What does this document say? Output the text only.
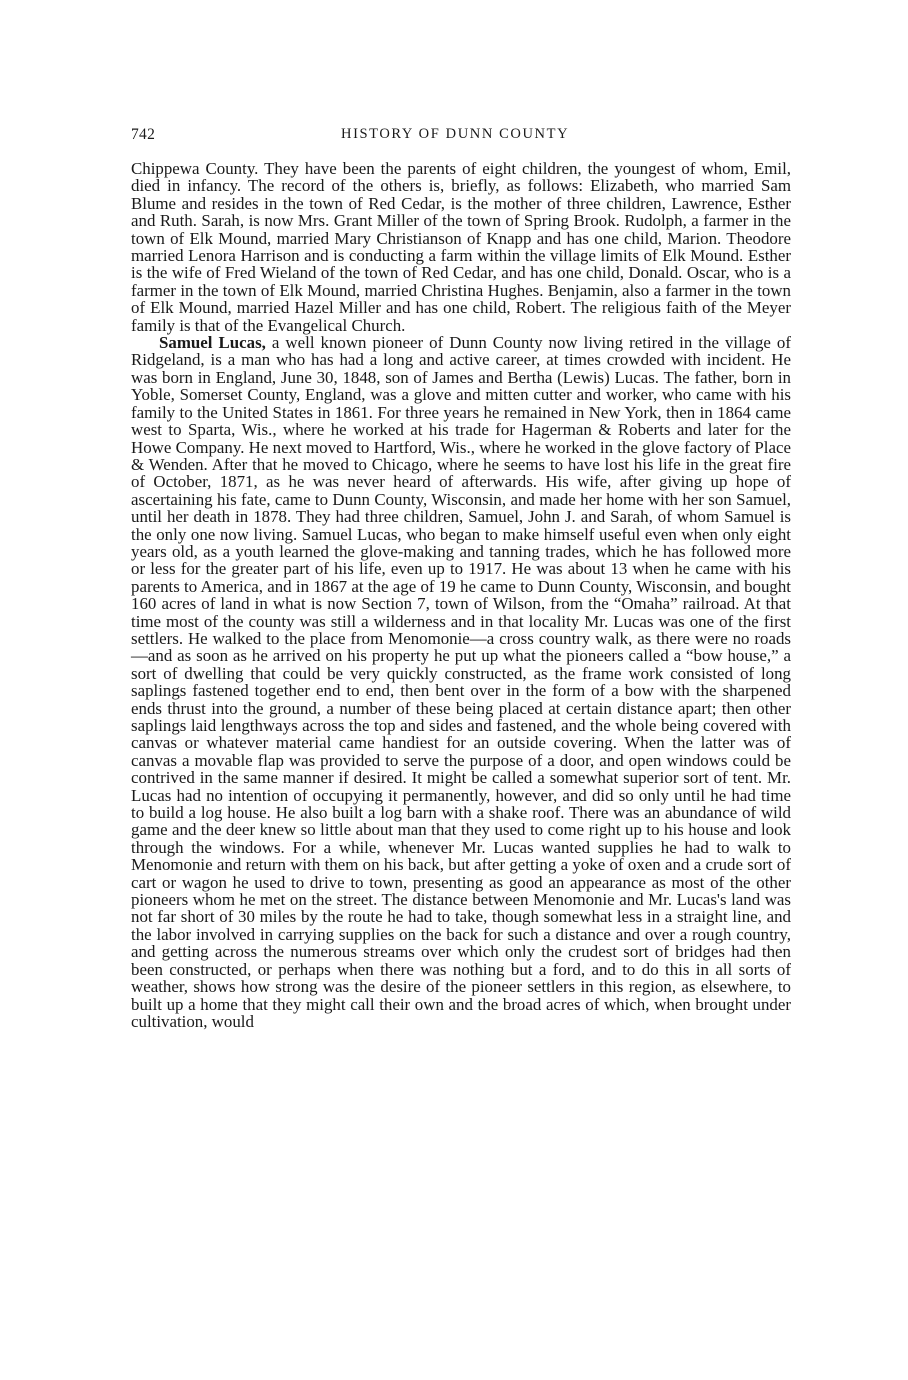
742	HISTORY OF DUNN COUNTY

Chippewa County. They have been the parents of eight children, the youngest of whom, Emil, died in infancy. The record of the others is, briefly, as follows: Elizabeth, who married Sam Blume and resides in the town of Red Cedar, is the mother of three children, Lawrence, Esther and Ruth. Sarah, is now Mrs. Grant Miller of the town of Spring Brook. Rudolph, a farmer in the town of Elk Mound, married Mary Christianson of Knapp and has one child, Marion. Theodore married Lenora Harrison and is conducting a farm within the village limits of Elk Mound. Esther is the wife of Fred Wieland of the town of Red Cedar, and has one child, Donald. Oscar, who is a farmer in the town of Elk Mound, married Christina Hughes. Benjamin, also a farmer in the town of Elk Mound, married Hazel Miller and has one child, Robert. The religious faith of the Meyer family is that of the Evangelical Church.

Samuel Lucas, a well known pioneer of Dunn County now living retired in the village of Ridgeland, is a man who has had a long and active career, at times crowded with incident. He was born in England, June 30, 1848, son of James and Bertha (Lewis) Lucas. The father, born in Yoble, Somerset County, England, was a glove and mitten cutter and worker, who came with his family to the United States in 1861. For three years he remained in New York, then in 1864 came west to Sparta, Wis., where he worked at his trade for Hagerman & Roberts and later for the Howe Company. He next moved to Hartford, Wis., where he worked in the glove factory of Place & Wenden. After that he moved to Chicago, where he seems to have lost his life in the great fire of October, 1871, as he was never heard of afterwards. His wife, after giving up hope of ascertaining his fate, came to Dunn County, Wisconsin, and made her home with her son Samuel, until her death in 1878. They had three children, Samuel, John J. and Sarah, of whom Samuel is the only one now living. Samuel Lucas, who began to make himself useful even when only eight years old, as a youth learned the glove-making and tanning trades, which he has followed more or less for the greater part of his life, even up to 1917. He was about 13 when he came with his parents to America, and in 1867 at the age of 19 he came to Dunn County, Wisconsin, and bought 160 acres of land in what is now Section 7, town of Wilson, from the “Omaha” railroad. At that time most of the county was still a wilderness and in that locality Mr. Lucas was one of the first settlers. He walked to the place from Menomonie—a cross country walk, as there were no roads—and as soon as he arrived on his property he put up what the pioneers called a “bow house,” a sort of dwelling that could be very quickly constructed, as the frame work consisted of long saplings fastened together end to end, then bent over in the form of a bow with the sharpened ends thrust into the ground, a number of these being placed at certain distance apart; then other saplings laid lengthways across the top and sides and fastened, and the whole being covered with canvas or whatever material came handiest for an outside covering. When the latter was of canvas a movable flap was provided to serve the purpose of a door, and open windows could be contrived in the same manner if desired. It might be called a somewhat superior sort of tent. Mr. Lucas had no intention of occupying it permanently, however, and did so only until he had time to build a log house. He also built a log barn with a shake roof. There was an abundance of wild game and the deer knew so little about man that they used to come right up to his house and look through the windows. For a while, whenever Mr. Lucas wanted supplies he had to walk to Menomonie and return with them on his back, but after getting a yoke of oxen and a crude sort of cart or wagon he used to drive to town, presenting as good an appearance as most of the other pioneers whom he met on the street. The distance between Menomonie and Mr. Lucas's land was not far short of 30 miles by the route he had to take, though somewhat less in a straight line, and the labor involved in carrying supplies on the back for such a distance and over a rough country, and getting across the numerous streams over which only the crudest sort of bridges had then been constructed, or perhaps when there was nothing but a ford, and to do this in all sorts of weather, shows how strong was the desire of the pioneer settlers in this region, as elsewhere, to built up a home that they might call their own and the broad acres of which, when brought under cultivation, would
